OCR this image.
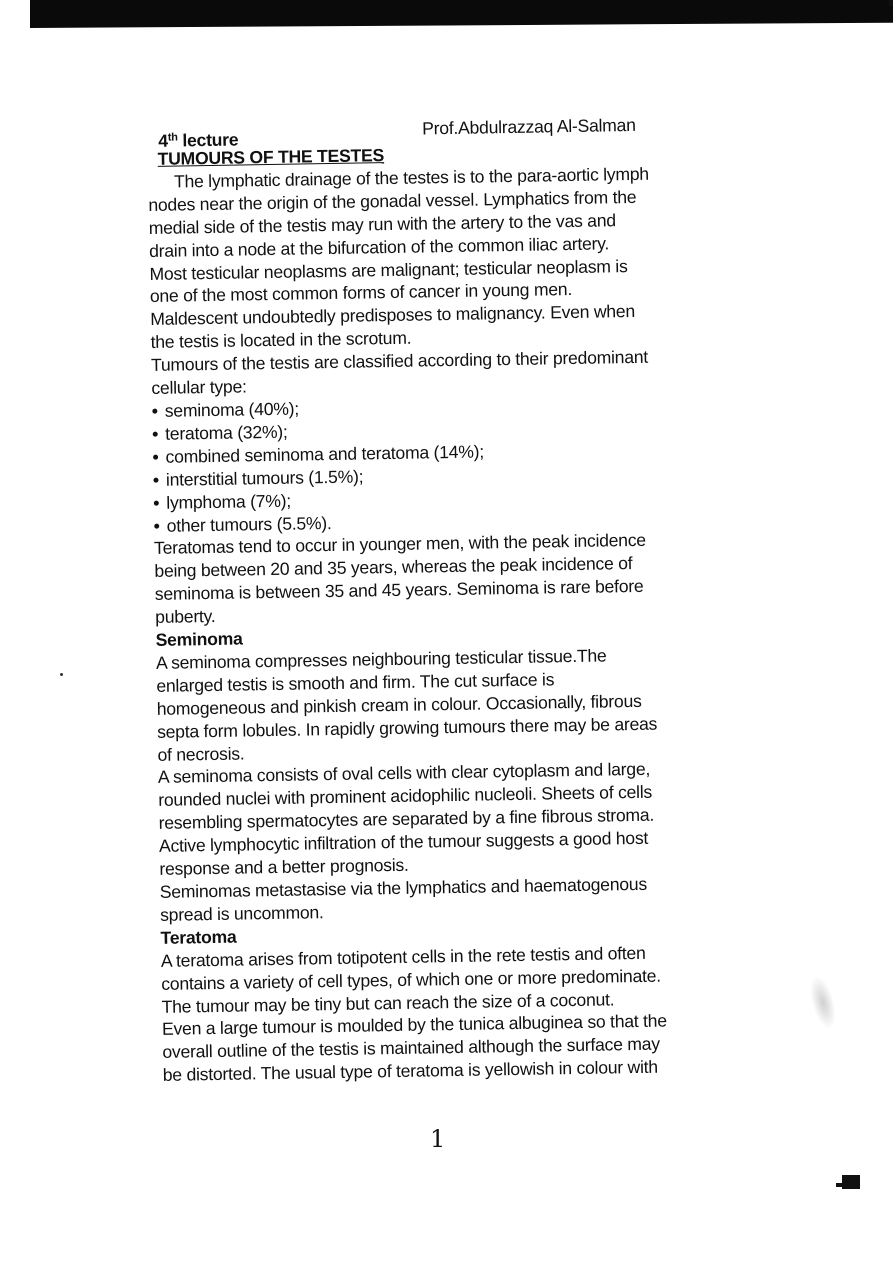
4th lecture
Prof.Abdulrazzaq Al-Salman
TUMOURS OF THE TESTES
The lymphatic drainage of the testes is to the para-aortic lymph
nodes near the origin of the gonadal vessel. Lymphatics from the
medial side of the testis may run with the artery to the vas and
drain into a node at the bifurcation of the common iliac artery.
Most testicular neoplasms are malignant; testicular neoplasm is
one of the most common forms of cancer in young men.
Maldescent undoubtedly predisposes to malignancy. Even when
the testis is located in the scrotum.
Tumours of the testis are classified according to their predominant
cellular type:
• seminoma (40%);
• teratoma (32%);
• combined seminoma and teratoma (14%);
• interstitial tumours (1.5%);
• lymphoma (7%);
• other tumours (5.5%).
Teratomas tend to occur in younger men, with the peak incidence
being between 20 and 35 years, whereas the peak incidence of
seminoma is between 35 and 45 years. Seminoma is rare before
puberty.
Seminoma
A seminoma compresses neighbouring testicular tissue.The
enlarged testis is smooth and firm. The cut surface is
homogeneous and pinkish cream in colour. Occasionally, fibrous
septa form lobules. In rapidly growing tumours there may be areas
of necrosis.
A seminoma consists of oval cells with clear cytoplasm and large,
rounded nuclei with prominent acidophilic nucleoli. Sheets of cells
resembling spermatocytes are separated by a fine fibrous stroma.
Active lymphocytic infiltration of the tumour suggests a good host
response and a better prognosis.
Seminomas metastasise via the lymphatics and haematogenous
spread is uncommon.
Teratoma
A teratoma arises from totipotent cells in the rete testis and often
contains a variety of cell types, of which one or more predominate.
The tumour may be tiny but can reach the size of a coconut.
Even a large tumour is moulded by the tunica albuginea so that the
overall outline of the testis is maintained although the surface may
be distorted. The usual type of teratoma is yellowish in colour with
1
